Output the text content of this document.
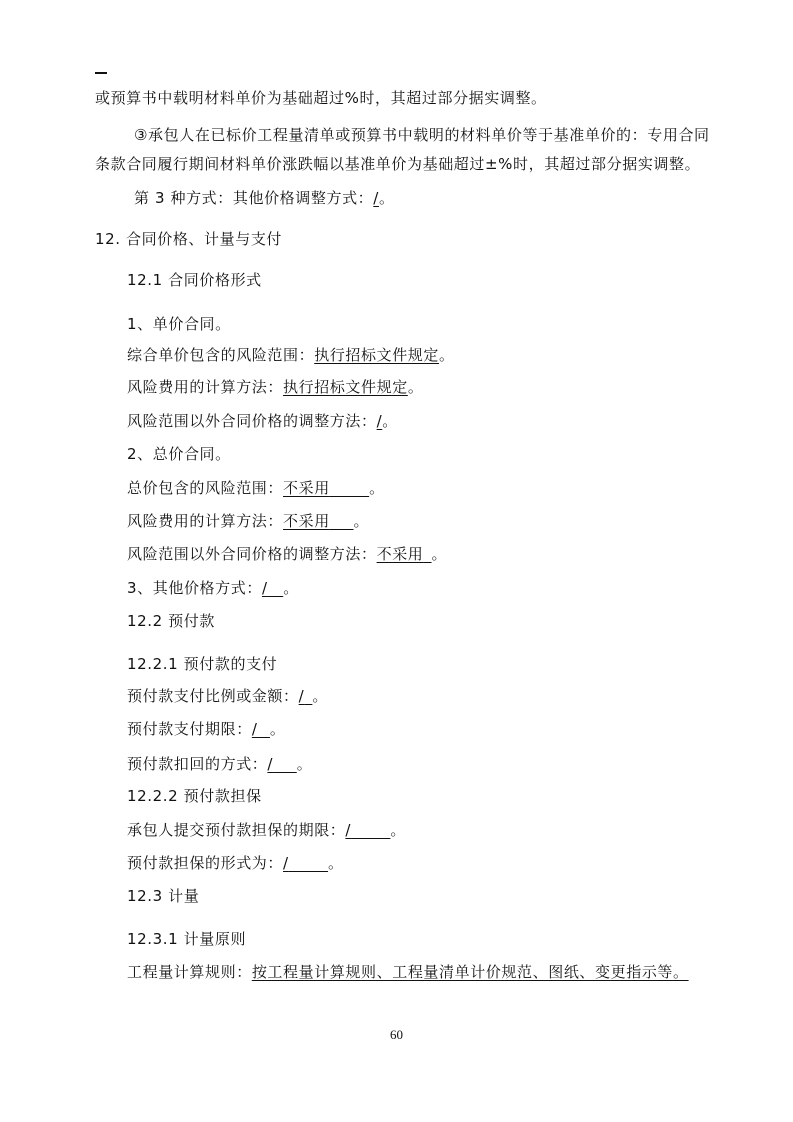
或预算书中载明材料单价为基础超过%时，其超过部分据实调整。
③承包人在已标价工程量清单或预算书中载明的材料单价等于基准单价的：专用合同
条款合同履行期间材料单价涨跌幅以基准单价为基础超过±%时，其超过部分据实调整。
第 3 种方式：其他价格调整方式：/。
12. 合同价格、计量与支付
12.1 合同价格形式
1、单价合同。
综合单价包含的风险范围：执行招标文件规定。
风险费用的计算方法：执行招标文件规定。
风险范围以外合同价格的调整方法：/。
2、总价合同。
总价包含的风险范围：不采用   	。
风险费用的计算方法：不采用   。
风险范围以外合同价格的调整方法：不采用  。
3、其他价格方式：/  。
12.2 预付款
12.2.1 预付款的支付
预付款支付比例或金额：/  。
预付款支付期限：/   。
预付款扣回的方式：/   。
12.2.2 预付款担保
承包人提交预付款担保的期限：/   	。
预付款担保的形式为：/   	。
12.3 计量
12.3.1 计量原则
工程量计算规则：按工程量计算规则、工程量清单计价规范、图纸、变更指示等。
60
